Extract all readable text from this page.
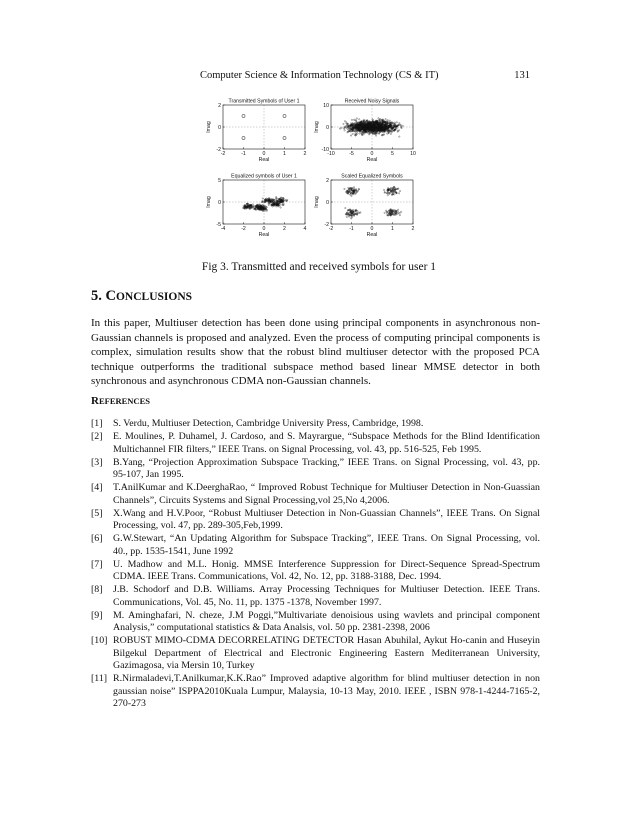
Computer Science & Information Technology (CS & IT)	131
-2	-1	0	1	2
2
0
-2
Transmitted Symbols of User 1
Real
Imag
-10	-5	0	5	10
10
0
-10
Received Noisy Signals
Real
Imag
-4	-2	0	2	4
5
0
-5
Equalized symbols of User 1
Real
Imag
-2	-1	0	1	2
2
0
-2
Scaled Equalized Symbols
Real
Imag
Fig 3. Transmitted and received symbols for user 1
5. CONCLUSIONS
In this paper, Multiuser detection has been done using principal components in asynchronous non-Gaussian channels is proposed and analyzed. Even the process of computing principal components is complex, simulation results show that the robust blind multiuser detector with the proposed PCA technique outperforms the traditional subspace method based linear MMSE detector in both synchronous and asynchronous CDMA non-Gaussian channels.
REFERENCES
[1]	S. Verdu, Multiuser Detection, Cambridge University Press, Cambridge, 1998.
[2]	E. Moulines, P. Duhamel, J. Cardoso, and S. Mayrargue, “Subspace Methods for the Blind Identification Multichannel FIR filters,” IEEE Trans. on Signal Processing, vol. 43, pp. 516-525, Feb 1995.
[3]	B.Yang, “Projection Approximation Subspace Tracking,” IEEE Trans. on Signal Processing, vol. 43, pp. 95-107, Jan 1995.
[4]	T.AnilKumar and K.DeerghaRao, “ Improved Robust Technique for Multiuser Detection in Non-Guassian Channels”, Circuits Systems and Signal Processing,vol 25,No 4,2006.
[5]	X.Wang and H.V.Poor, “Robust Multiuser Detection in Non-Guassian Channels”, IEEE Trans. On Signal Processing, vol. 47, pp. 289-305,Feb,1999.
[6]	G.W.Stewart, “An Updating Algorithm for Subspace Tracking”, IEEE Trans. On Signal Processing, vol. 40., pp. 1535-1541, June 1992
[7]	U. Madhow and M.L. Honig. MMSE Interference Suppression for Direct-Sequence Spread-Spectrum CDMA. IEEE Trans. Communications, Vol. 42, No. 12, pp. 3188-3188, Dec. 1994.
[8]	J.B. Schodorf and D.B. Williams. Array Processing Techniques for Multiuser Detection. IEEE Trans. Communications, Vol. 45, No. 11, pp. 1375 -1378, November 1997.
[9]	M. Aminghafari, N. cheze, J.M Poggi,”Multivariate denoisious using wavlets and principal component Analysis,” computational statistics & Data Analsis, vol. 50 pp. 2381-2398, 2006
[10] ROBUST MIMO-CDMA DECORRELATING DETECTOR Hasan Abuhilal, Aykut Ho-canin and Huseyin Bilgekul Department of Electrical and Electronic Engineering Eastern Mediterranean University, Gazimagosa, via Mersin 10, Turkey
[11] R.Nirmaladevi,T.Anilkumar,K.K.Rao” Improved adaptive algorithm for blind multiuser detection in non gaussian noise” ISPPA2010Kuala Lumpur, Malaysia, 10-13 May, 2010. IEEE , ISBN 978-1-4244-7165-2, 270-273
